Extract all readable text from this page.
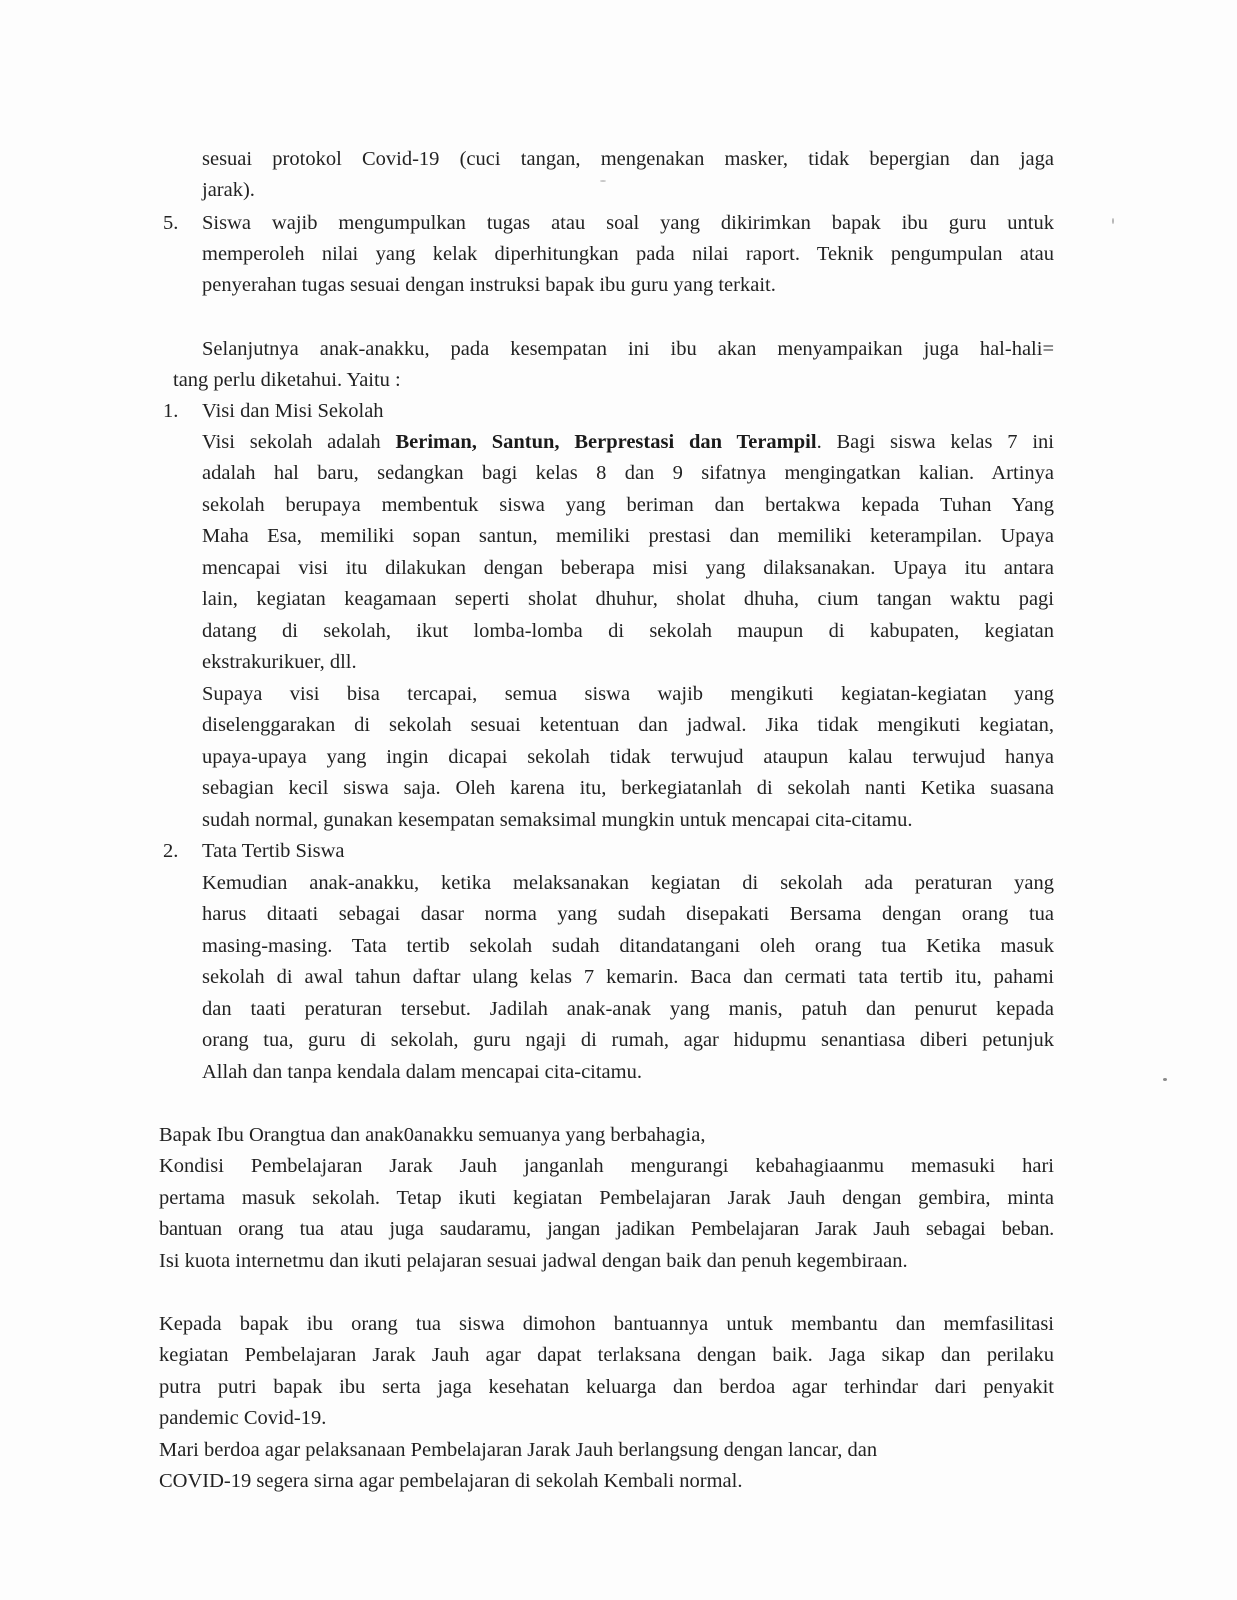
sesuai protokol Covid-19 (cuci tangan, mengenakan masker, tidak bepergian dan jaga
jarak).
5. Siswa wajib mengumpulkan tugas atau soal yang dikirimkan bapak ibu guru untuk
memperoleh nilai yang kelak diperhitungkan pada nilai raport. Teknik pengumpulan atau
penyerahan tugas sesuai dengan instruksi bapak ibu guru yang terkait.
Selanjutnya anak-anakku, pada kesempatan ini ibu akan menyampaikan juga hal-hali=
tang perlu diketahui. Yaitu :
1. Visi dan Misi Sekolah
Visi sekolah adalah Beriman, Santun, Berprestasi dan Terampil. Bagi siswa kelas 7 ini
adalah hal baru, sedangkan bagi kelas 8 dan 9 sifatnya mengingatkan kalian. Artinya
sekolah berupaya membentuk siswa yang beriman dan bertakwa kepada Tuhan Yang
Maha Esa, memiliki sopan santun, memiliki prestasi dan memiliki keterampilan. Upaya
mencapai visi itu dilakukan dengan beberapa misi yang dilaksanakan. Upaya itu antara
lain, kegiatan keagamaan seperti sholat dhuhur, sholat dhuha, cium tangan waktu pagi
datang di sekolah, ikut lomba-lomba di sekolah maupun di kabupaten, kegiatan
ekstrakurikuer, dll.
Supaya visi bisa tercapai, semua siswa wajib mengikuti kegiatan-kegiatan yang
diselenggarakan di sekolah sesuai ketentuan dan jadwal. Jika tidak mengikuti kegiatan,
upaya-upaya yang ingin dicapai sekolah tidak terwujud ataupun kalau terwujud hanya
sebagian kecil siswa saja. Oleh karena itu, berkegiatanlah di sekolah nanti Ketika suasana
sudah normal, gunakan kesempatan semaksimal mungkin untuk mencapai cita-citamu.
2. Tata Tertib Siswa
Kemudian anak-anakku, ketika melaksanakan kegiatan di sekolah ada peraturan yang
harus ditaati sebagai dasar norma yang sudah disepakati Bersama dengan orang tua
masing-masing. Tata tertib sekolah sudah ditandatangani oleh orang tua Ketika masuk
sekolah di awal tahun daftar ulang kelas 7 kemarin. Baca dan cermati tata tertib itu, pahami
dan taati peraturan tersebut. Jadilah anak-anak yang manis, patuh dan penurut kepada
orang tua, guru di sekolah, guru ngaji di rumah, agar hidupmu senantiasa diberi petunjuk
Allah dan tanpa kendala dalam mencapai cita-citamu.
Bapak Ibu Orangtua dan anak0anakku semuanya yang berbahagia,
Kondisi Pembelajaran Jarak Jauh janganlah mengurangi kebahagiaanmu memasuki hari
pertama masuk sekolah. Tetap ikuti kegiatan Pembelajaran Jarak Jauh dengan gembira, minta
bantuan orang tua atau juga saudaramu, jangan jadikan Pembelajaran Jarak Jauh sebagai beban.
Isi kuota internetmu dan ikuti pelajaran sesuai jadwal dengan baik dan penuh kegembiraan.
Kepada bapak ibu orang tua siswa dimohon bantuannya untuk membantu dan memfasilitasi
kegiatan Pembelajaran Jarak Jauh agar dapat terlaksana dengan baik. Jaga sikap dan perilaku
putra putri bapak ibu serta jaga kesehatan keluarga dan berdoa agar terhindar dari penyakit
pandemic Covid-19.
Mari berdoa agar pelaksanaan Pembelajaran Jarak Jauh berlangsung dengan lancar, dan
COVID-19 segera sirna agar pembelajaran di sekolah Kembali normal.
